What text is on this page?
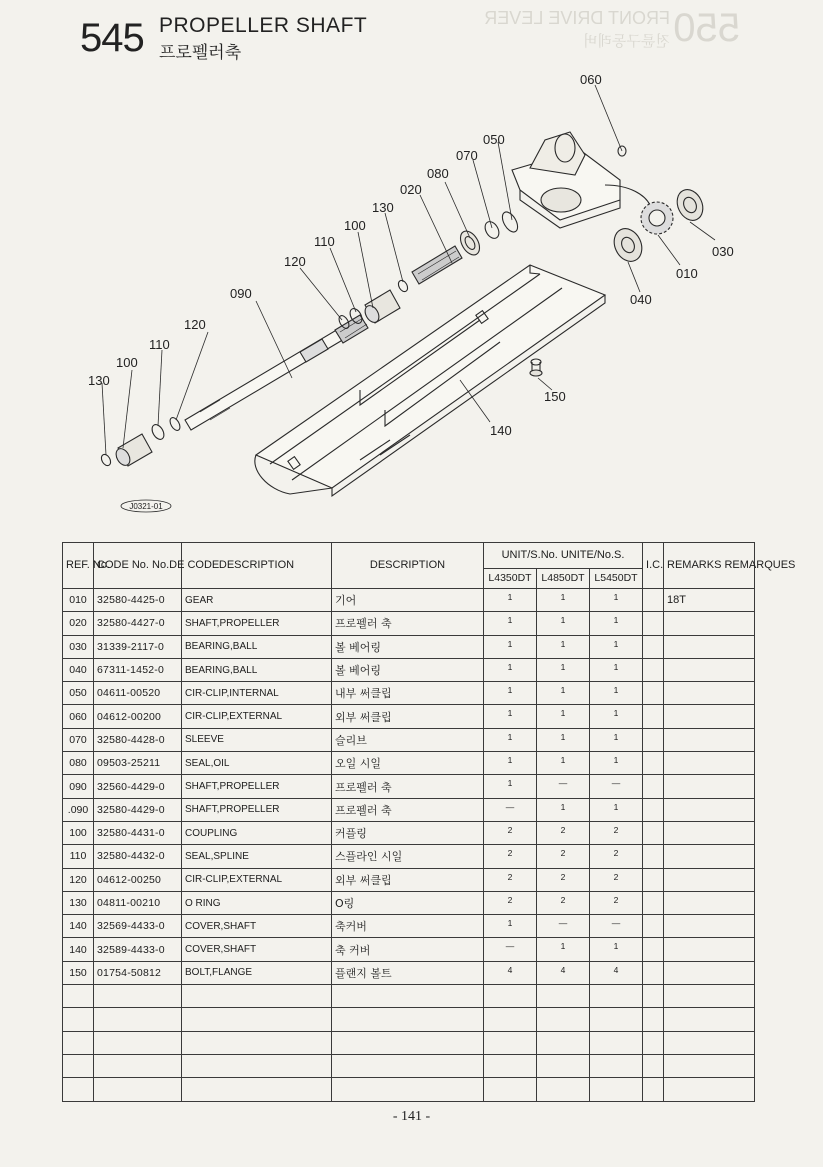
550
FRONT DRIVE LEVER
전륜구동레버
545 PROPELLER SHAFT
프로펠러축
060
050
070
080
020
130
100
110
120
090
120
110
100
130
030
010
040
150
140
J0321-01
REF. No.	CODE No. No.DE CODE	DESCRIPTION	DESCRIPTION	UNIT/S.No. UNITE/No.S.			I.C.	REMARKS REMARQUES
				L4350DT	L4850DT	L5450DT		
010	32580-4425-0	GEAR	기어	1	1	1		18T
020	32580-4427-0	SHAFT,PROPELLER	프로펠러 축	1	1	1		
030	31339-2117-0	BEARING,BALL	볼 베어링	1	1	1		
040	67311-1452-0	BEARING,BALL	볼 베어링	1	1	1		
050	04611-00520	CIR-CLIP,INTERNAL	내부 써클립	1	1	1		
060	04612-00200	CIR-CLIP,EXTERNAL	외부 써클립	1	1	1		
070	32580-4428-0	SLEEVE	슬리브	1	1	1		
080	09503-25211	SEAL,OIL	오일 시일	1	1	1		
090	32560-4429-0	SHAFT,PROPELLER	프로펠러 축	1	—	—		
.090	32580-4429-0	SHAFT,PROPELLER	프로펠러 축	—	1	1		
100	32580-4431-0	COUPLING	커플링	2	2	2		
110	32580-4432-0	SEAL,SPLINE	스플라인 시일	2	2	2		
120	04612-00250	CIR-CLIP,EXTERNAL	외부 써클립	2	2	2		
130	04811-00210	O RING	O링	2	2	2		
140	32569-4433-0	COVER,SHAFT	축커버	1	—	—		
140	32589-4433-0	COVER,SHAFT	축 커버	—	1	1		
150	01754-50812	BOLT,FLANGE	플랜지 볼트	4	4	4		

- 141 -
